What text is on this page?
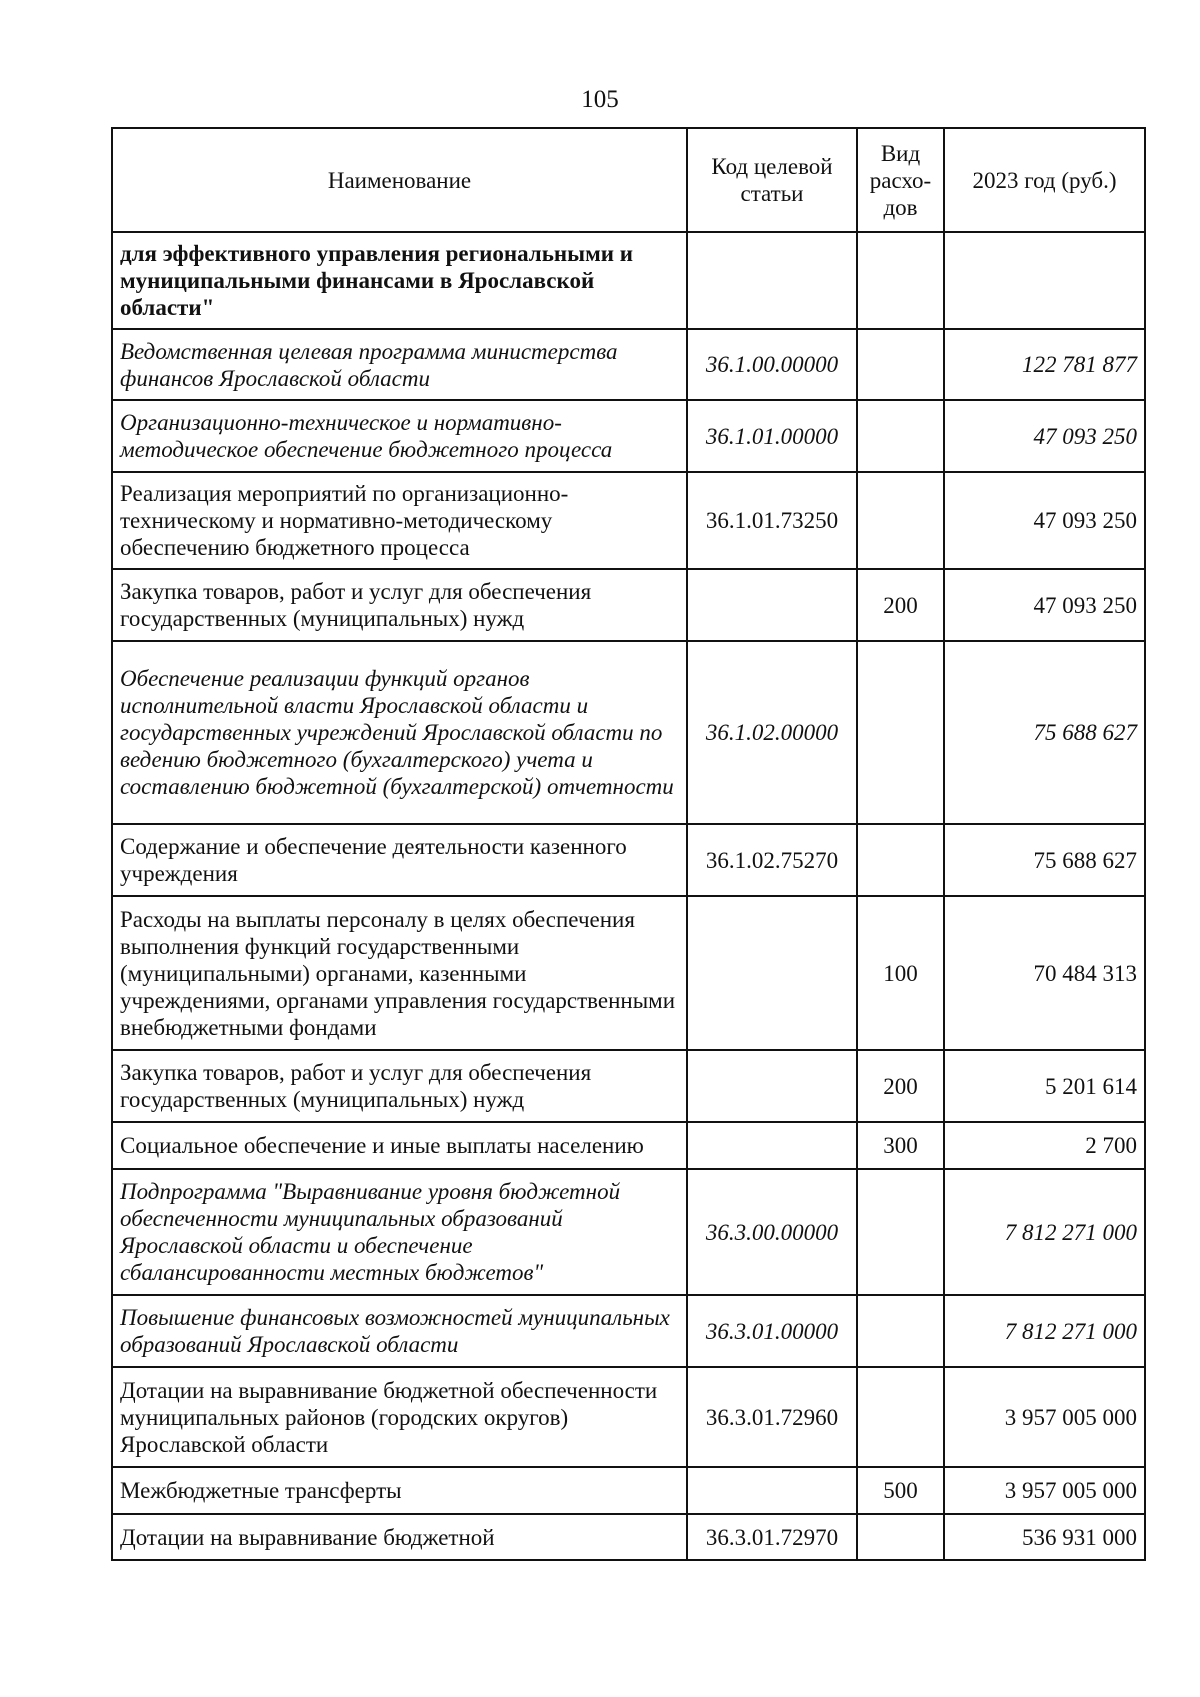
105
Наименование	Код целевой статьи	Вид расхо-дов	2023 год (руб.)
для эффективного управления региональными и муниципальными финансами в Ярославской области"			
Ведомственная целевая программа министерства финансов Ярославской области	36.1.00.00000		122 781 877
Организационно-техническое и нормативно-методическое обеспечение бюджетного процесса	36.1.01.00000		47 093 250
Реализация мероприятий по организационно-техническому и нормативно-методическому обеспечению бюджетного процесса	36.1.01.73250		47 093 250
Закупка товаров, работ и услуг для обеспечения государственных (муниципальных) нужд		200	47 093 250
Обеспечение реализации функций органов исполнительной власти Ярославской области и государственных учреждений Ярославской области по ведению бюджетного (бухгалтерского) учета и составлению бюджетной (бухгалтерской) отчетности	36.1.02.00000		75 688 627
Содержание и обеспечение деятельности казенного учреждения	36.1.02.75270		75 688 627
Расходы на выплаты персоналу в целях обеспечения выполнения функций государственными (муниципальными) органами, казенными учреждениями, органами управления государственными внебюджетными фондами		100	70 484 313
Закупка товаров, работ и услуг для обеспечения государственных (муниципальных) нужд		200	5 201 614
Социальное обеспечение и иные выплаты населению		300	2 700
Подпрограмма "Выравнивание уровня бюджетной обеспеченности муниципальных образований Ярославской области и обеспечение сбалансированности местных бюджетов"	36.3.00.00000		7 812 271 000
Повышение финансовых возможностей муниципальных образований Ярославской области	36.3.01.00000		7 812 271 000
Дотации на выравнивание бюджетной обеспеченности муниципальных районов (городских округов) Ярославской области	36.3.01.72960		3 957 005 000
Межбюджетные трансферты		500	3 957 005 000
Дотации на выравнивание бюджетной	36.3.01.72970		536 931 000
